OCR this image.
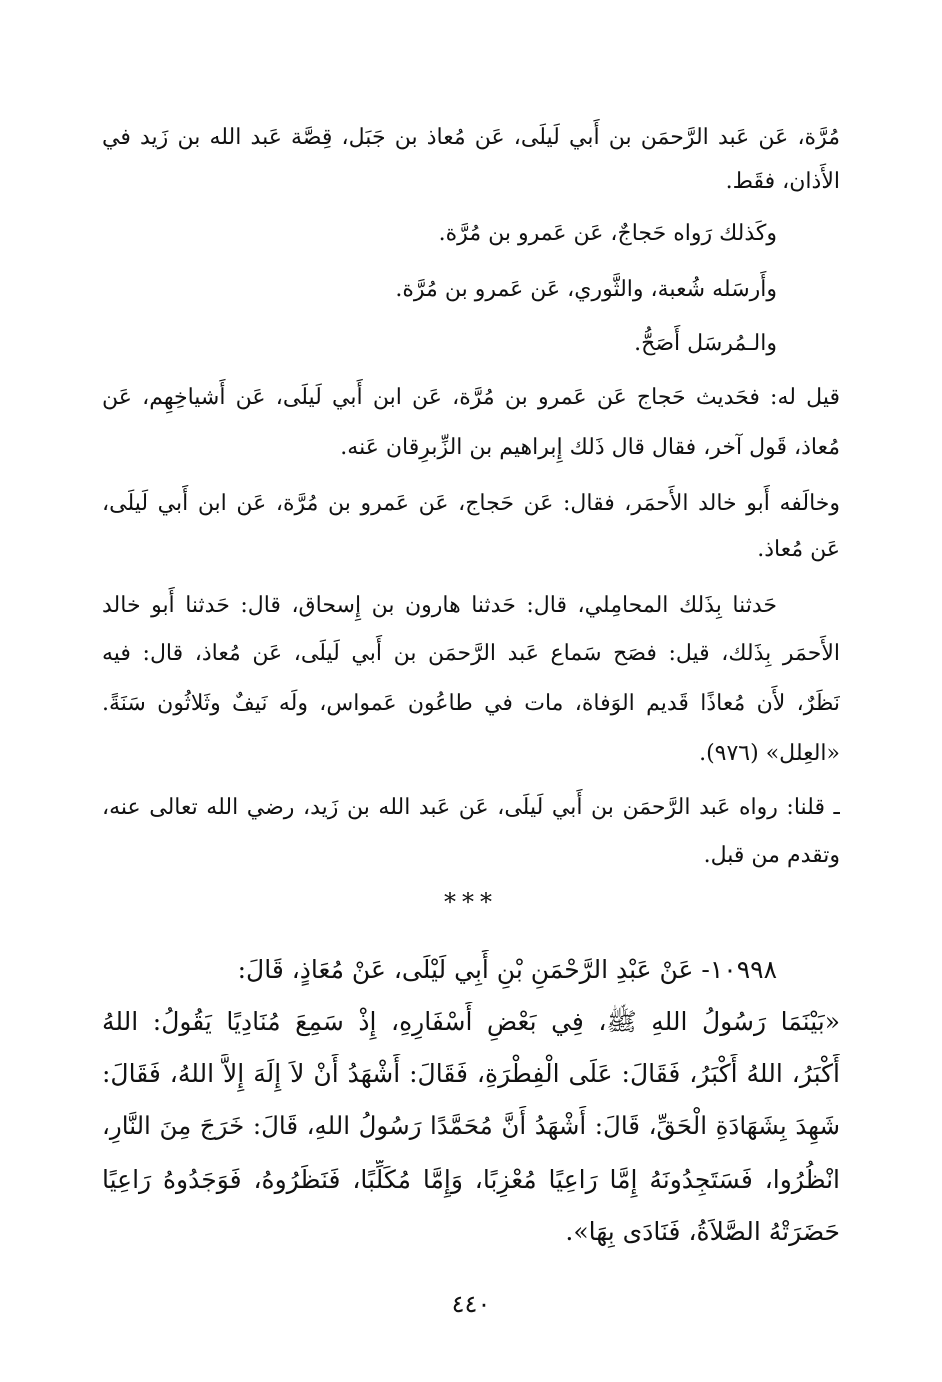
مُرَّة، عَن عَبد الرَّحمَن بن أَبي لَيلَى، عَن مُعاذ بن جَبَل، قِصَّة عَبد الله بن زَيد في
الأَذان، فقَط.
وكَذلك رَواه حَجاجٌ، عَن عَمرو بن مُرَّة.
وأَرسَله شُعبة، والثَّوري، عَن عَمرو بن مُرَّة.
والـمُرسَل أَصَحُّ.
قيل له: فحَديث حَجاج عَن عَمرو بن مُرَّة، عَن ابن أَبي لَيلَى، عَن أَشياخِهِم، عَن
مُعاذ، قَول آخر، فقال قال ذَلك إِبراهيم بن الزِّبرِقان عَنه.
وخالَفه أَبو خالد الأَحمَر، فقال: عَن حَجاج، عَن عَمرو بن مُرَّة، عَن ابن أَبي لَيلَى،
عَن مُعاذ.
حَدثنا بِذَلك المحامِلي، قال: حَدثنا هارون بن إِسحاق، قال: حَدثنا أَبو خالد
الأَحمَر بِذَلك، قيل: فصَح سَماع عَبد الرَّحمَن بن أَبي لَيلَى، عَن مُعاذ، قال: فيه
نَظَرٌ، لأَن مُعاذًا قَديم الوَفاة، مات في طاعُون عَمواس، ولَه نَيفٌ وثَلاثُون سَنَةً.
«العِلل» (٩٧٦).
ـ قلنا: رواه عَبد الرَّحمَن بن أَبي لَيلَى، عَن عَبد الله بن زَيد، رضي الله تعالى عنه،
وتقدم من قبل.
***
١٠٩٩٨- عَنْ عَبْدِ الرَّحْمَنِ بْنِ أَبِي لَيْلَى، عَنْ مُعَاذٍ، قَالَ:
«بَيْنَمَا رَسُولُ اللهِ ﷺ، فِي بَعْضِ أَسْفَارِهِ، إِذْ سَمِعَ مُنَادِيًا يَقُولُ: اللهُ
أَكْبَرُ، اللهُ أَكْبَرُ، فَقَالَ: عَلَى الْفِطْرَةِ، فَقَالَ: أَشْهَدُ أَنْ لاَ إِلَهَ إِلاَّ اللهُ، فَقَالَ:
شَهِدَ بِشَهَادَةِ الْحَقِّ، قَالَ: أَشْهَدُ أَنَّ مُحَمَّدًا رَسُولُ اللهِ، قَالَ: خَرَجَ مِنَ النَّارِ،
انْظُرُوا، فَسَتَجِدُونَهُ إِمَّا رَاعِيًا مُعْزِبًا، وَإِمَّا مُكَلِّبًا، فَنَظَرُوهُ، فَوَجَدُوهُ رَاعِيًا
حَضَرَتْهُ الصَّلاَةُ، فَنَادَى بِهَا».
٤٤٠
